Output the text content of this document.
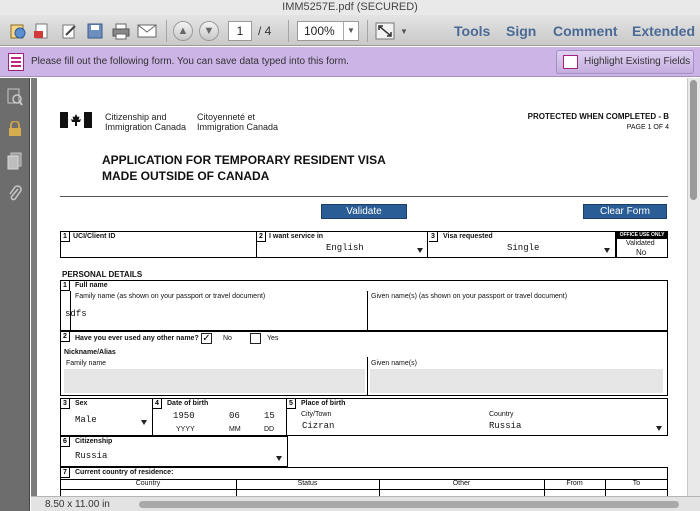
IMM5257E.pdf (SECURED)
▲	▼	1	/ 4	100%	▼	▼	Tools Sign Comment Extended
Please fill out the following form. You can save data typed into this form.	Highlight Existing Fields
Citizenship and
Immigration Canada
Citoyenneté et
Immigration Canada
PROTECTED WHEN COMPLETED - B
PAGE 1 OF 4
APPLICATION FOR TEMPORARY RESIDENT VISA
MADE OUTSIDE OF CANADA
Validate	Clear Form
1 UCI/Client ID	2 I want service in
English
3	Visa requested
Single
OFFICE USE ONLY
Validated
No
PERSONAL DETAILS
1	Full name
Family name (as shown on your passport or travel document)	Given name(s) (as shown on your passport or travel document)
sdfs
2	Have you ever used any other name? ✓ No	Yes
Nickname/Alias
Family name	Given name(s)
3	Sex
Male
4	Date of birth
1950	06	15
YYYY	MM	DD
5	Place of birth
City/Town
Cizran
Country
Russia
6	Citizenship
Russia
7	Current country of residence:
Country	Status	Other	From	To
8.50 x 11.00 in
